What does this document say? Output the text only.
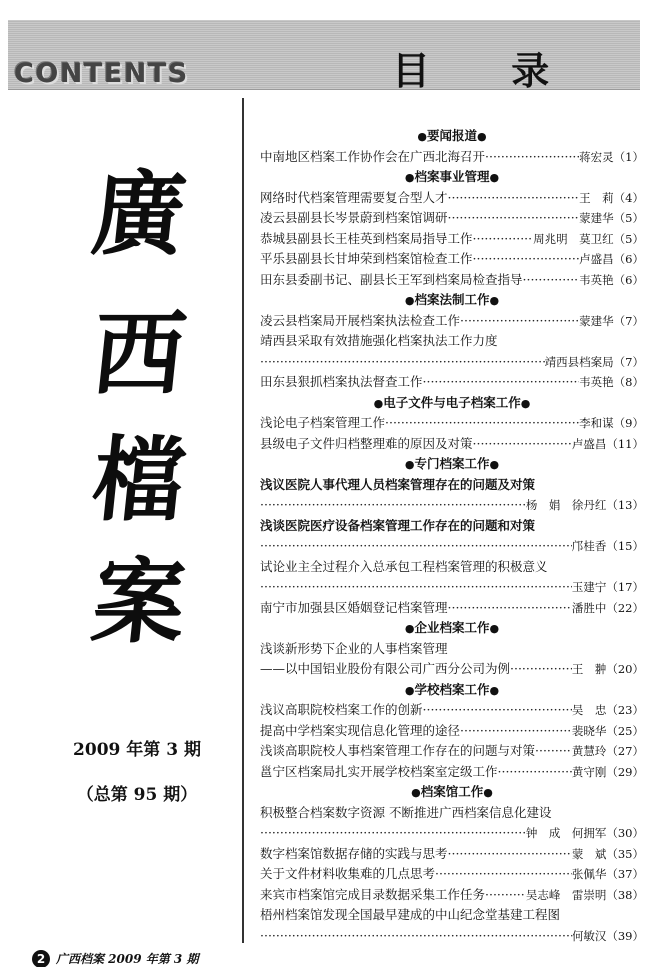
CONTENTS	目 录
廣
西
檔
案
2009 年第 3 期
（总第 95 期）
●要闻报道●
中南地区档案工作协作会在广西北海召开 ·····	蒋宏灵（1）
●档案事业管理●
网络时代档案管理需要复合型人才 ·····	王　莉（4）
凌云县副县长岑景蔚到档案馆调研 ·····	蒙建华（5）
恭城县副县长王桂英到档案局指导工作 ·····	周兆明　莫卫红（5）
平乐县副县长甘坤荣到档案馆检查工作 ·····	卢盛昌（6）
田东县委副书记、副县长王军到档案局检查指导 ·····	韦英艳（6）
●档案法制工作●
凌云县档案局开展档案执法检查工作 ·····	蒙建华（7）
靖西县采取有效措施强化档案执法工作力度
·····
靖西县档案局（7）
田东县狠抓档案执法督查工作 ·····	韦英艳（8）
●电子文件与电子档案工作●
浅论电子档案管理工作 ·····	李和谋（9）
县级电子文件归档整理难的原因及对策 ·····	卢盛昌（11）
●专门档案工作●
浅议医院人事代理人员档案管理存在的问题及对策
·····
杨　娟　徐丹红（13）
浅谈医院医疗设备档案管理工作存在的问题和对策
·····
邝桂香（15）
试论业主全过程介入总承包工程档案管理的积极意义
·····
玉建宁（17）
南宁市加强县区婚姻登记档案管理 ·····	潘胜中（22）
●企业档案工作●
浅谈新形势下企业的人事档案管理
——以中国铝业股份有限公司广西分公司为例 ·····	王　翀（20）
●学校档案工作●
浅议高职院校档案工作的创新 ·····	吴　忠（23）
提高中学档案实现信息化管理的途径 ·····	裴晓华（25）
浅谈高职院校人事档案管理工作存在的问题与对策 ·····	黄慧玲（27）
邕宁区档案局扎实开展学校档案室定级工作 ·····	黄守刚（29）
●档案馆工作●
积极整合档案数字资源 不断推进广西档案信息化建设
·····
钟　成　何拥军（30）
数字档案馆数据存储的实践与思考 ·····	蒙　斌（35）
关于文件材料收集难的几点思考 ·····	张佩华（37）
来宾市档案馆完成目录数据采集工作任务 ·····	吴志峰　雷崇明（38）
梧州档案馆发现全国最早建成的中山纪念堂基建工程图
·····
何敏汉（39）
2 广西档案 2009 年第 3 期
